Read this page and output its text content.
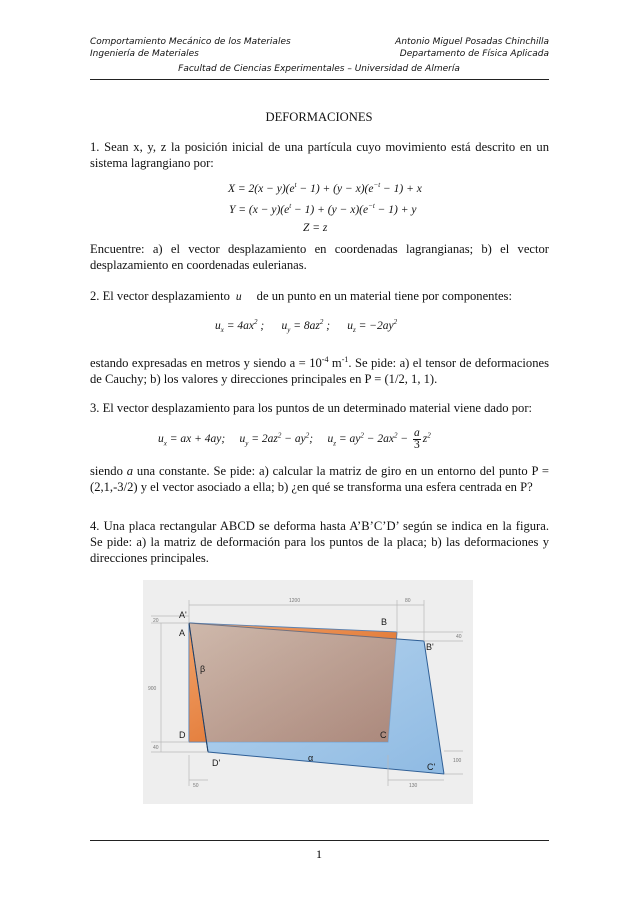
Comportamiento Mecánico de los Materiales
Ingeniería de Materiales
Antonio Miguel Posadas Chinchilla
Departamento de Física Aplicada
Facultad de Ciencias Experimentales – Universidad de Almería
DEFORMACIONES

1. Sean x, y, z la posición inicial de una partícula cuyo movimiento está descrito en un sistema lagrangiano por:

$X = 2(x - y)(e^t - 1) + (y - x)(e^{-t} - 1) + x$
$Y = (x - y)(e^t - 1) + (y - x)(e^{-t} - 1) + y$
Z = z

Encuentre: a) el vector desplazamiento en coordenadas lagrangianas; b) el vector desplazamiento en coordenadas eulerianas.

2. El vector desplazamiento  u⃗  de un punto en un material tiene por componentes:
$u_x = 4ax^2$ ;      $u_y = 8az^2$ ;      $u_z = -2ay^2$

estando expresadas en metros y siendo $a = 10^{-4}$ $m^{-1}$. Se pide: a) el tensor de deformaciones de Cauchy; b) los valores y direcciones principales en P = (1/2, 1, 1).

3. El vector desplazamiento para los puntos de un determinado material viene dado por:

$u_x$ = ax + 4ay;     $u_y = 2az^2 - ay^2$;     $u_z = ay^2 - 2ax^2 - \frac{a}{3} z^2$

siendo a una constante. Se pide: a) calcular la matriz de giro en un entorno del punto P = (2,1,-3/2) y el vector asociado a ella; b) ¿en qué se transforma una esfera centrada en P?

4. Una placa rectangular ABCD se deforma hasta A’B’C’D’ según se indica en la figura. Se pide: a) la matriz de deformación para los puntos de la placa; b) las deformaciones y direcciones principales.

A'
A
B
B'
C
C'
D
D'
β
α
1200	80
20
40
900
40
100
50	130
1
